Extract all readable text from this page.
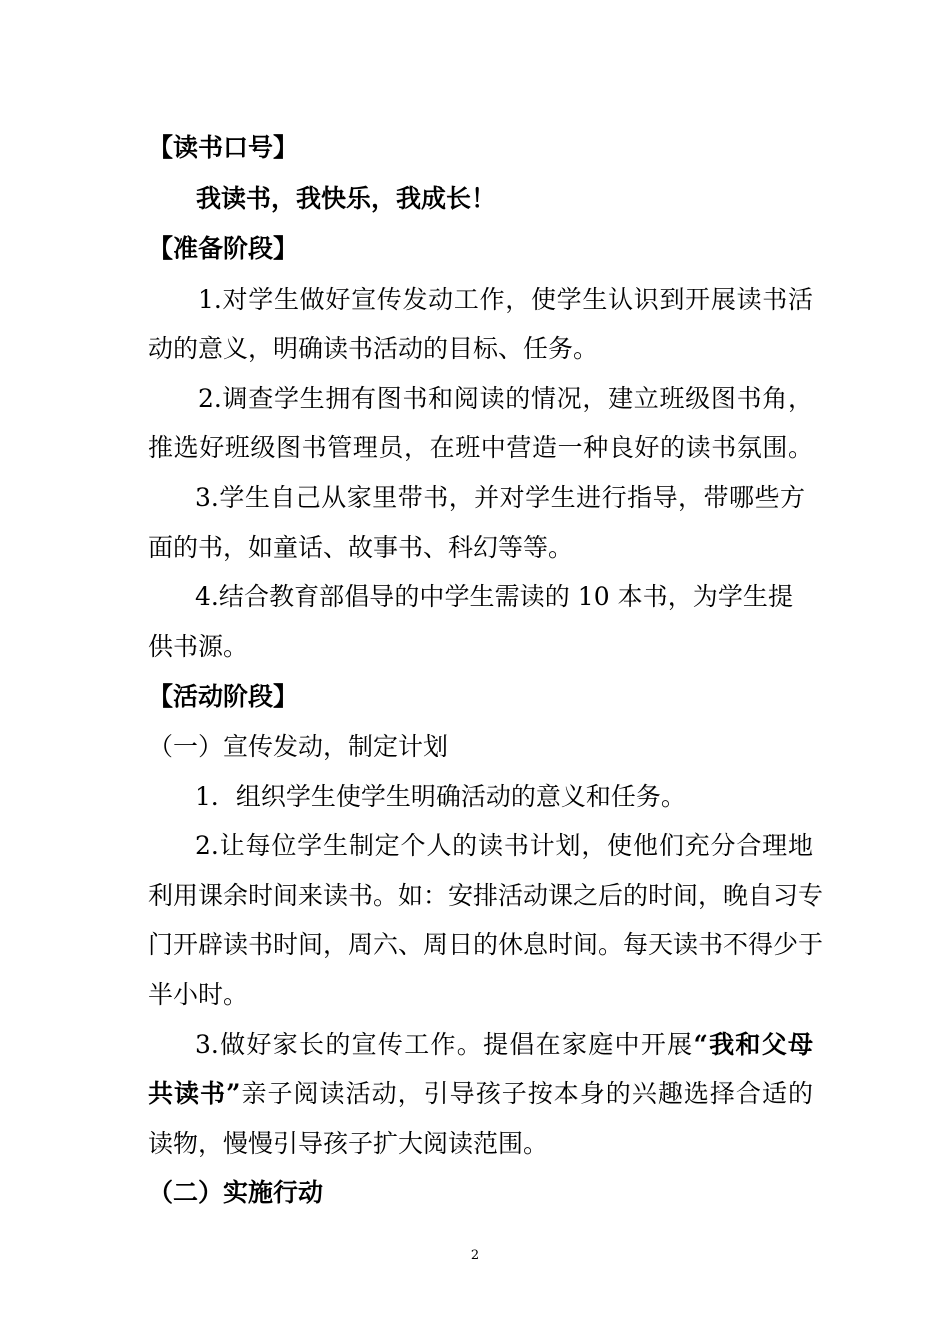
【读书口号】
我读书，我快乐，我成长！
【准备阶段】
1.对学生做好宣传发动工作，使学生认识到开展读书活
动的意义，明确读书活动的目标、任务。
2.调查学生拥有图书和阅读的情况，建立班级图书角，
推选好班级图书管理员，在班中营造一种良好的读书氛围。
3.学生自己从家里带书，并对学生进行指导，带哪些方
面的书，如童话、故事书、科幻等等。
4.结合教育部倡导的中学生需读的 10 本书，为学生提
供书源。
【活动阶段】
（一）宣传发动，制定计划
1．组织学生使学生明确活动的意义和任务。
2.让每位学生制定个人的读书计划，使他们充分合理地
利用课余时间来读书。如：安排活动课之后的时间，晚自习专
门开辟读书时间，周六、周日的休息时间。每天读书不得少于
半小时。
3.做好家长的宣传工作。提倡在家庭中开展“我和父母
共读书”亲子阅读活动，引导孩子按本身的兴趣选择合适的
读物，慢慢引导孩子扩大阅读范围。
（二）实施行动
2
